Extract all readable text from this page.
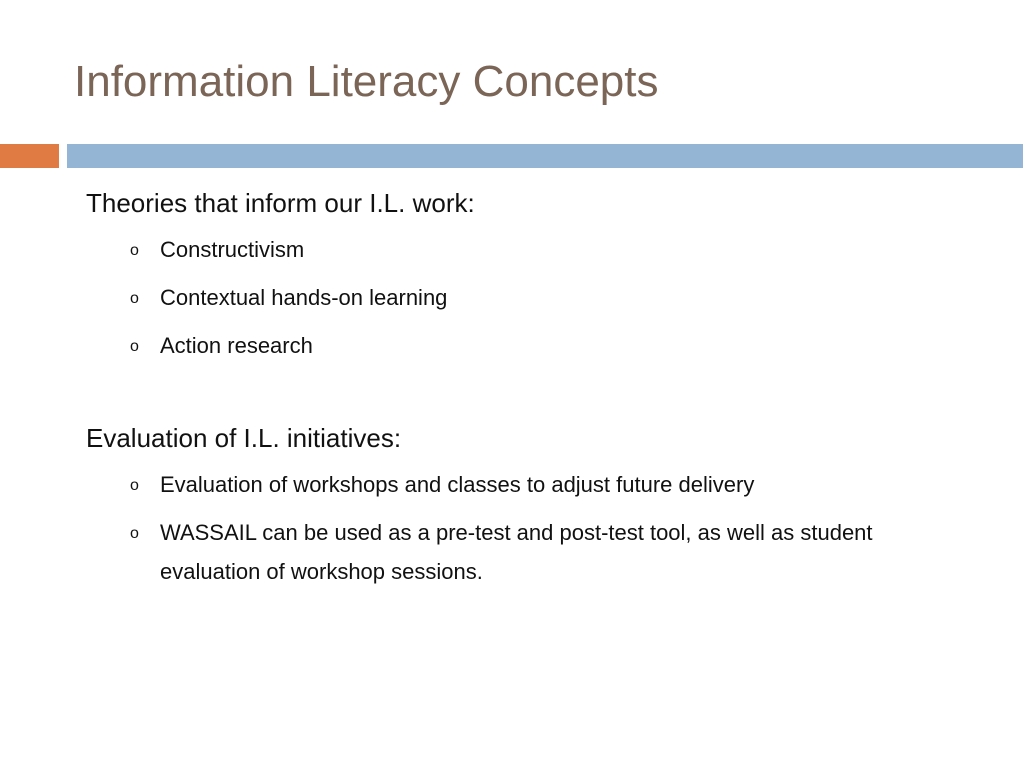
Information Literacy Concepts
Theories that inform our I.L. work:
o Constructivism
o Contextual hands-on learning
o Action research
Evaluation of I.L. initiatives:
o Evaluation of workshops and classes to adjust future delivery
o WASSAIL can be used as a pre-test and post-test tool, as well as student evaluation of workshop sessions.
